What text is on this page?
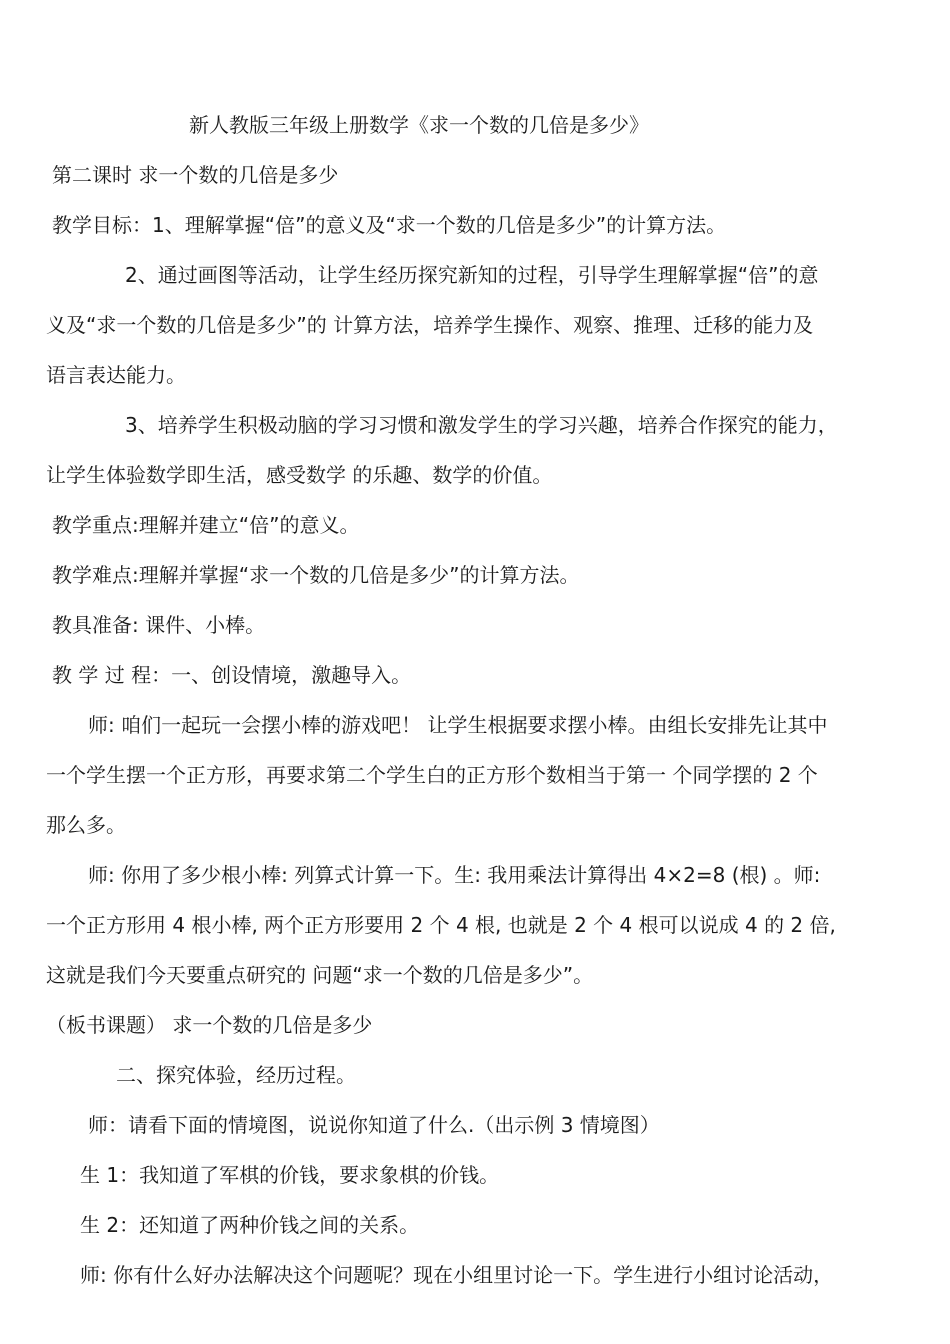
新人教版三年级上册数学《求一个数的几倍是多少》
第二课时 求一个数的几倍是多少
教学目标：1、理解掌握“倍”的意义及“求一个数的几倍是多少”的计算方法。
2、通过画图等活动，让学生经历探究新知的过程，引导学生理解掌握“倍”的意
义及“求一个数的几倍是多少”的 计算方法，培养学生操作、观察、推理、迁移的能力及
语言表达能力。
3、培养学生积极动脑的学习习惯和激发学生的学习兴趣，培养合作探究的能力，
让学生体验数学即生活，感受数学 的乐趣、数学的价值。
教学重点:理解并建立“倍”的意义。
教学难点:理解并掌握“求一个数的几倍是多少”的计算方法。
教具准备: 课件、小棒。
教 学 过 程：一、创设情境，激趣导入。
师: 咱们一起玩一会摆小棒的游戏吧！ 让学生根据要求摆小棒。由组长安排先让其中
一个学生摆一个正方形，再要求第二个学生白的正方形个数相当于第一 个同学摆的 2 个
那么多。
师: 你用了多少根小棒: 列算式计算一下。生: 我用乘法计算得出 4×2=8 (根) 。师:
一个正方形用 4 根小棒, 两个正方形要用 2 个 4 根, 也就是 2 个 4 根可以说成 4 的 2 倍,
这就是我们今天要重点研究的 问题“求一个数的几倍是多少”。
（板书课题） 求一个数的几倍是多少
二、探究体验，经历过程。
师：请看下面的情境图，说说你知道了什么.（出示例 3 情境图）
生 1：我知道了军棋的价钱，要求象棋的价钱。
生 2：还知道了两种价钱之间的关系。
师: 你有什么好办法解决这个问题呢？现在小组里讨论一下。学生进行小组讨论活动，
